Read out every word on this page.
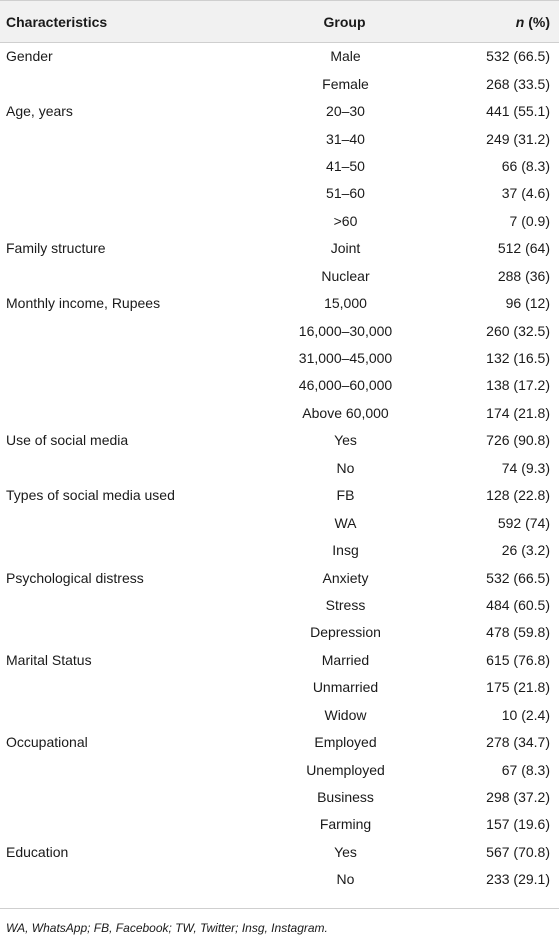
Characteristics	Group	n (%)
Gender	Male	532 (66.5)
	Female	268 (33.5)
Age, years	20–30	441 (55.1)
	31–40	249 (31.2)
	41–50	66 (8.3)
	51–60	37 (4.6)
	>60	7 (0.9)
Family structure	Joint	512 (64)
	Nuclear	288 (36)
Monthly income, Rupees	15,000	96 (12)
	16,000–30,000	260 (32.5)
	31,000–45,000	132 (16.5)
	46,000–60,000	138 (17.2)
	Above 60,000	174 (21.8)
Use of social media	Yes	726 (90.8)
	No	74 (9.3)
Types of social media used	FB	128 (22.8)
	WA	592 (74)
	Insg	26 (3.2)
Psychological distress	Anxiety	532 (66.5)
	Stress	484 (60.5)
	Depression	478 (59.8)
Marital Status	Married	615 (76.8)
	Unmarried	175 (21.8)
	Widow	10 (2.4)
Occupational	Employed	278 (34.7)
	Unemployed	67 (8.3)
	Business	298 (37.2)
	Farming	157 (19.6)
Education	Yes	567 (70.8)
	No	233 (29.1)
WA, WhatsApp; FB, Facebook; TW, Twitter; Insg, Instagram.
